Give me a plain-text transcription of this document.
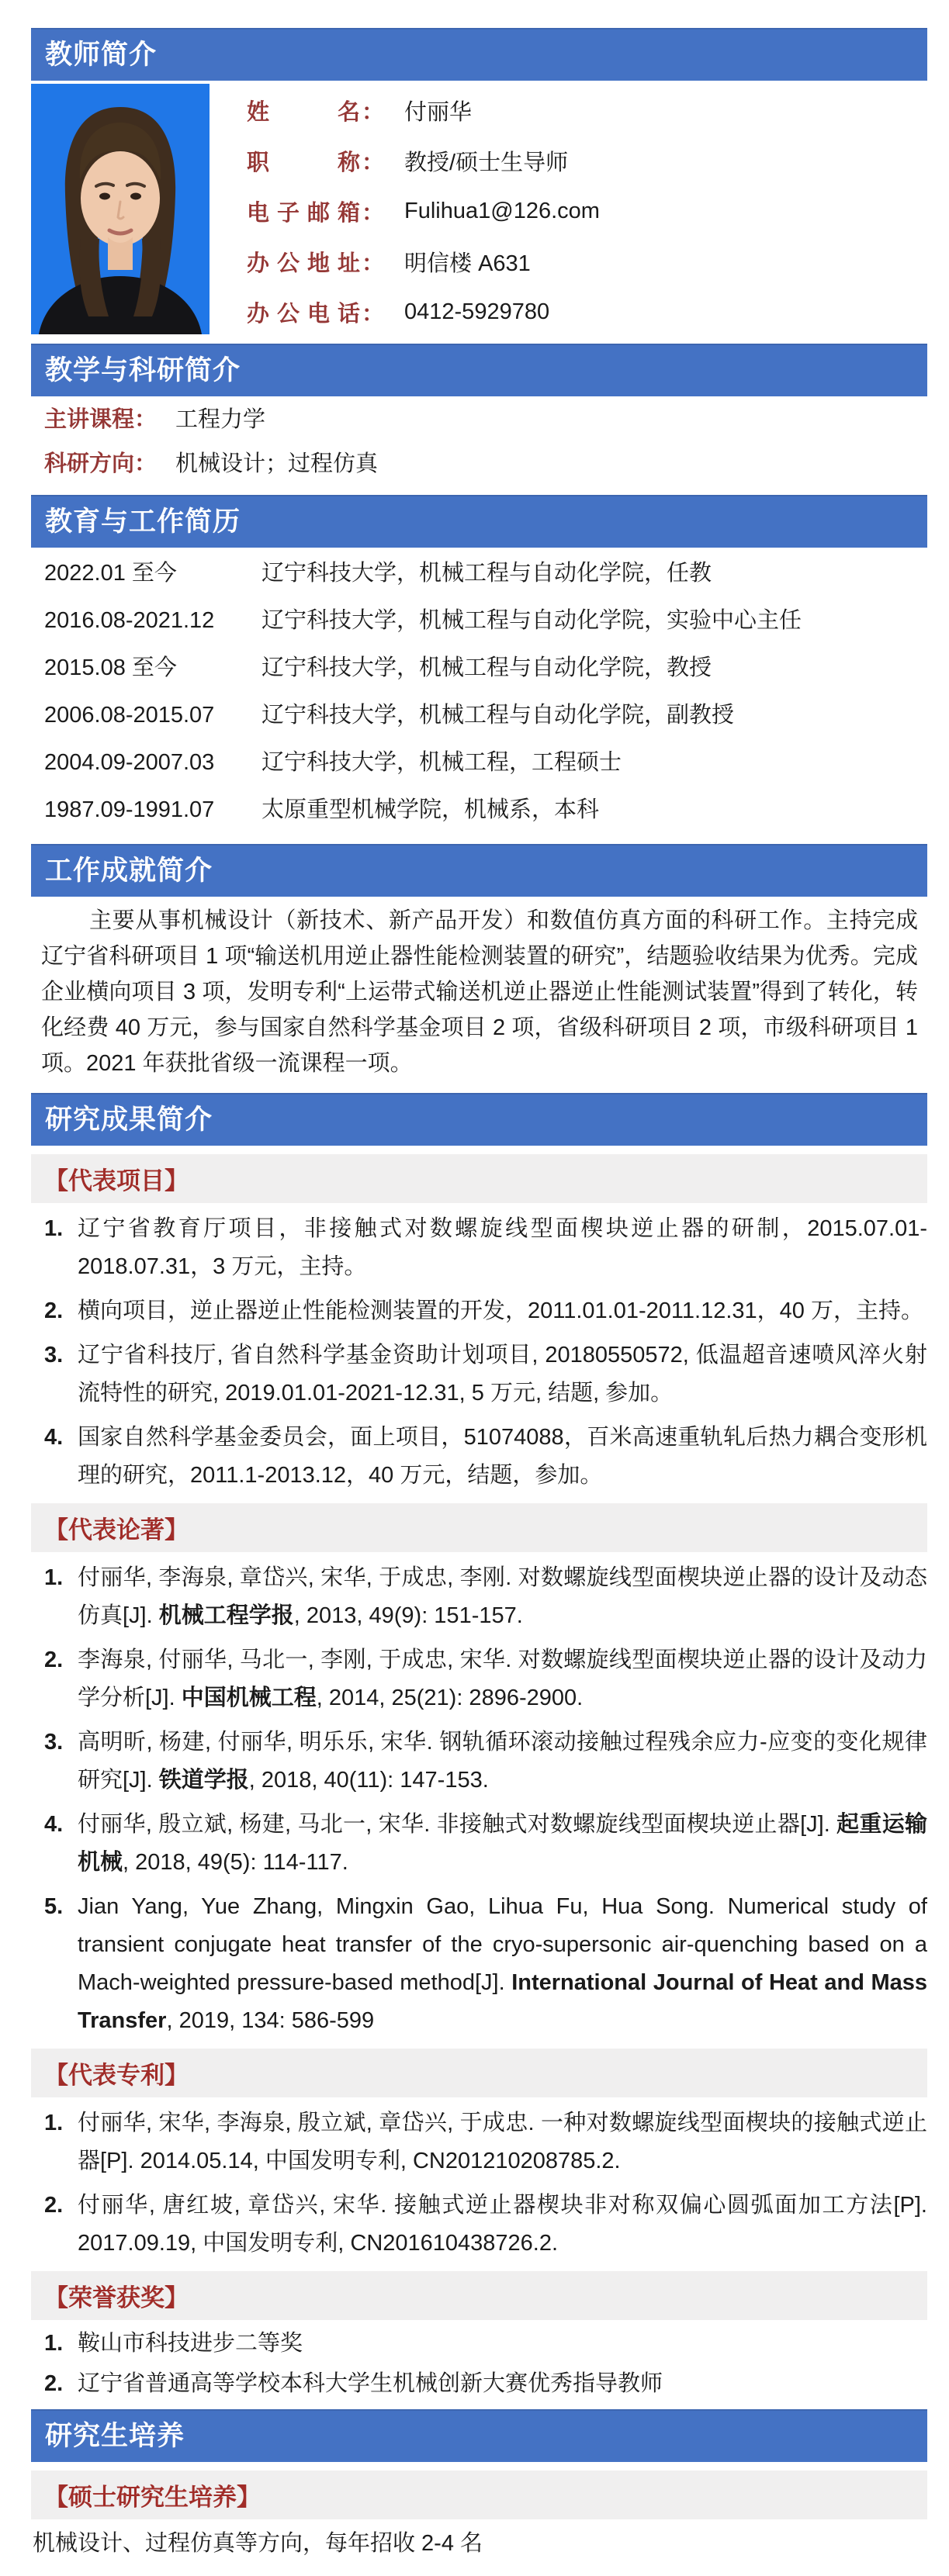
教师简介
姓名 ： 付丽华
职称 ： 教授/硕士生导师
电子邮箱 ： Fulihua1@126.com
办公地址 ： 明信楼 A631
办公电话 ： 0412-5929780
教学与科研简介
主讲课程： 工程力学
科研方向： 机械设计；过程仿真
教育与工作简历
2022.01 至今	辽宁科技大学，机械工程与自动化学院，任教
2016.08-2021.12	辽宁科技大学，机械工程与自动化学院，实验中心主任
2015.08 至今	辽宁科技大学，机械工程与自动化学院，教授
2006.08-2015.07	辽宁科技大学，机械工程与自动化学院，副教授
2004.09-2007.03	辽宁科技大学，机械工程，工程硕士
1987.09-1991.07	太原重型机械学院，机械系，本科
工作成就简介

主要从事机械设计（新技术、新产品开发）和数值仿真方面的科研工作。主持完成辽宁省科研项目 1 项“输送机用逆止器性能检测装置的研究”，结题验收结果为优秀。完成企业横向项目 3 项，发明专利“上运带式输送机逆止器逆止性能测试装置”得到了转化，转化经费 40 万元，参与国家自然科学基金项目 2 项，省级科研项目 2 项，市级科研项目 1 项。2021 年获批省级一流课程一项。

研究成果简介
【代表项目】
辽宁省教育厅项目，非接触式对数螺旋线型面楔块逆止器的研制，2015.07.01-2018.07.31，3 万元，主持。
横向项目，逆止器逆止性能检测装置的开发，2011.01.01-2011.12.31，40 万，主持。
辽宁省科技厅, 省自然科学基金资助计划项目, 20180550572, 低温超音速喷风淬火射流特性的研究, 2019.01.01-2021-12.31, 5 万元, 结题, 参加。
国家自然科学基金委员会，面上项目，51074088，百米高速重轨轧后热力耦合变形机理的研究，2011.1-2013.12，40 万元，结题，参加。
【代表论著】
付丽华, 李海泉, 章岱兴, 宋华, 于成忠, 李刚. 对数螺旋线型面楔块逆止器的设计及动态仿真[J]. 机械工程学报, 2013, 49(9): 151-157.
李海泉, 付丽华, 马北一, 李刚, 于成忠, 宋华. 对数螺旋线型面楔块逆止器的设计及动力学分析[J]. 中国机械工程, 2014, 25(21): 2896-2900.
高明昕, 杨建, 付丽华, 明乐乐, 宋华. 钢轨循环滚动接触过程残余应力-应变的变化规律研究[J]. 铁道学报, 2018, 40(11): 147-153.
付丽华, 殷立斌, 杨建, 马北一, 宋华. 非接触式对数螺旋线型面楔块逆止器[J]. 起重运输机械, 2018, 49(5): 114-117.
Jian Yang, Yue Zhang, Mingxin Gao, Lihua Fu, Hua Song. Numerical study of transient conjugate heat transfer of the cryo-supersonic air-quenching based on a Mach-weighted pressure-based method[J]. International Journal of Heat and Mass Transfer, 2019, 134: 586-599
【代表专利】
付丽华, 宋华, 李海泉, 殷立斌, 章岱兴, 于成忠. 一种对数螺旋线型面楔块的接触式逆止器[P]. 2014.05.14, 中国发明专利, CN201210208785.2.
付丽华, 唐红坡, 章岱兴, 宋华. 接触式逆止器楔块非对称双偏心圆弧面加工方法[P]. 2017.09.19, 中国发明专利, CN201610438726.2.
【荣誉获奖】
鞍山市科技进步二等奖
辽宁省普通高等学校本科大学生机械创新大赛优秀指导教师
研究生培养
【硕士研究生培养】

机械设计、过程仿真等方向，每年招收 2-4 名
